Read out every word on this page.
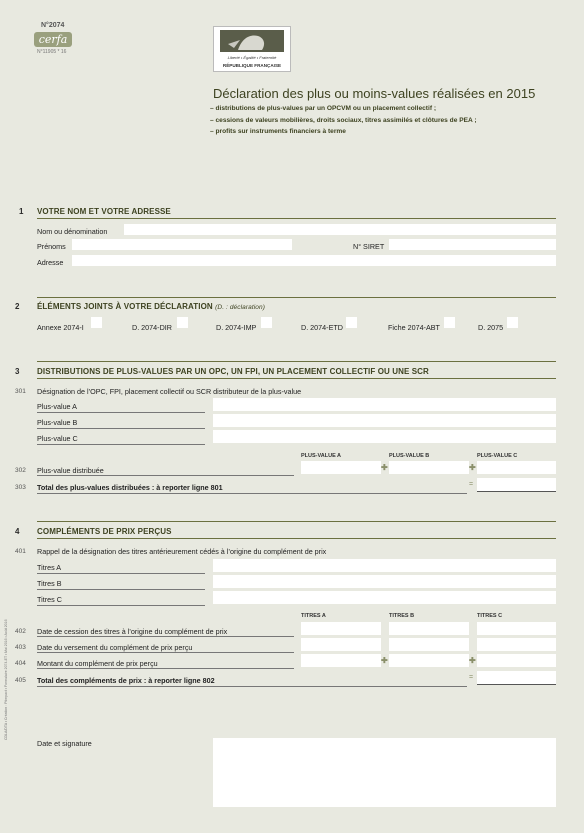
N°2074
cerfa
N°11905 * 16
Liberté • Égalité • Fraternité
RÉPUBLIQUE FRANÇAISE
Déclaration des plus ou moins-values réalisées en 2015
– distributions de plus-values par un OPCVM ou un placement collectif ;
– cessions de valeurs mobilières, droits sociaux, titres assimilés et clôtures de PEA ;
– profits sur instruments financiers à terme
1 VOTRE NOM ET VOTRE ADRESSE
Nom ou dénomination
Prénoms	N° SIRET
Adresse
2 ÉLÉMENTS JOINTS À VOTRE DÉCLARATION (D. : déclaration)
Annexe 2074-I	D. 2074-DIR	D. 2074-IMP	D. 2074-ETD	Fiche 2074-ABT	D. 2075
3 DISTRIBUTIONS DE PLUS-VALUES PAR UN OPC, UN FPI, UN PLACEMENT COLLECTIF OU UNE SCR
301 Désignation de l’OPC, FPI, placement collectif ou SCR distributeur de la plus-value
Plus-value A
Plus-value B
Plus-value C
PLUS-VALUE A	PLUS-VALUE B	PLUS-VALUE C
302 Plus-value distribuée	✚	✚
303 Total des plus-values distribuées : à reporter ligne 801	=
4 COMPLÉMENTS DE PRIX PERÇUS
401 Rappel de la désignation des titres antérieurement cédés à l’origine du complément de prix
Titres A
Titres B
Titres C
TITRES A	TITRES B	TITRES C
402 Date de cession des titres à l’origine du complément de prix
403 Date du versement du complément de prix perçu
404 Montant du complément de prix perçu	✚	✚
405 Total des compléments de prix : à reporter ligne 802	=
Date et signature
CDLA/DTA • Création : Ptimpact • Formulaire 2074-ET • Mai 2016 • Août 2016
